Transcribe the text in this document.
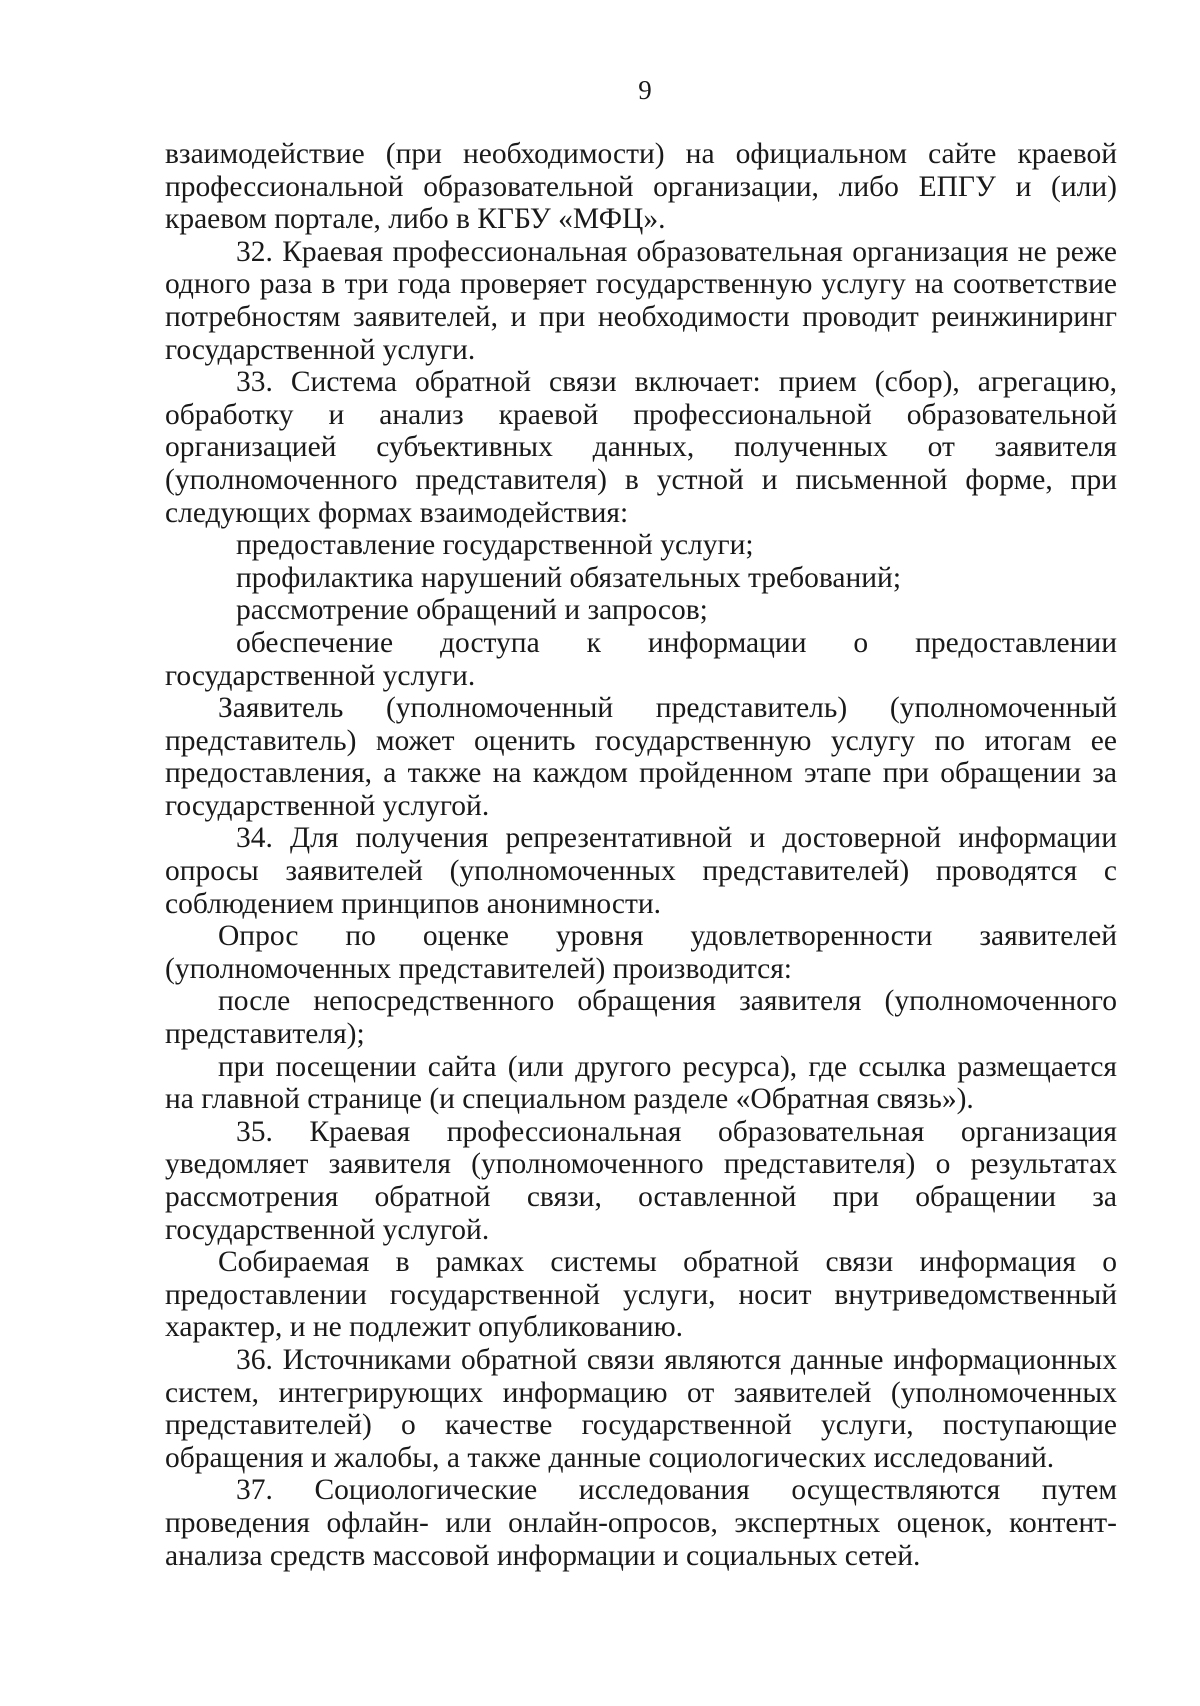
9

взаимодействие (при необходимости) на официальном сайте краевой профессиональной образовательной организации, либо ЕПГУ и (или) краевом портале, либо в КГБУ «МФЦ».

32. Краевая профессиональная образовательная организация не реже одного раза в три года проверяет государственную услугу на соответствие потребностям заявителей, и при необходимости проводит реинжиниринг государственной услуги.

33. Система обратной связи включает: прием (сбор), агрегацию, обработку и анализ краевой профессиональной образовательной организацией субъективных данных, полученных от заявителя (уполномоченного представителя) в устной и письменной форме, при следующих формах взаимодействия:

предоставление государственной услуги;

профилактика нарушений обязательных требований;

рассмотрение обращений и запросов;

обеспечение доступа к информации о предоставлении государственной услуги.

Заявитель (уполномоченный представитель) (уполномоченный представитель) может оценить государственную услугу по итогам ее предоставления, а также на каждом пройденном этапе при обращении за государственной услугой.

34. Для получения репрезентативной и достоверной информации опросы заявителей (уполномоченных представителей) проводятся с соблюдением принципов анонимности.

Опрос по оценке уровня удовлетворенности заявителей (уполномоченных представителей) производится:

после непосредственного обращения заявителя (уполномоченного представителя);

при посещении сайта (или другого ресурса), где ссылка размещается на главной странице (и специальном разделе «Обратная связь»).

35. Краевая профессиональная образовательная организация уведомляет заявителя (уполномоченного представителя) о результатах рассмотрения обратной связи, оставленной при обращении за государственной услугой.

Собираемая в рамках системы обратной связи информация о предоставлении государственной услуги, носит внутриведомственный характер, и не подлежит опубликованию.

36. Источниками обратной связи являются данные информационных систем, интегрирующих информацию от заявителей (уполномоченных представителей) о качестве государственной услуги, поступающие обращения и жалобы, а также данные социологических исследований.

37. Социологические исследования осуществляются путем проведения офлайн- или онлайн-опросов, экспертных оценок, контент-анализа средств массовой информации и социальных сетей.
